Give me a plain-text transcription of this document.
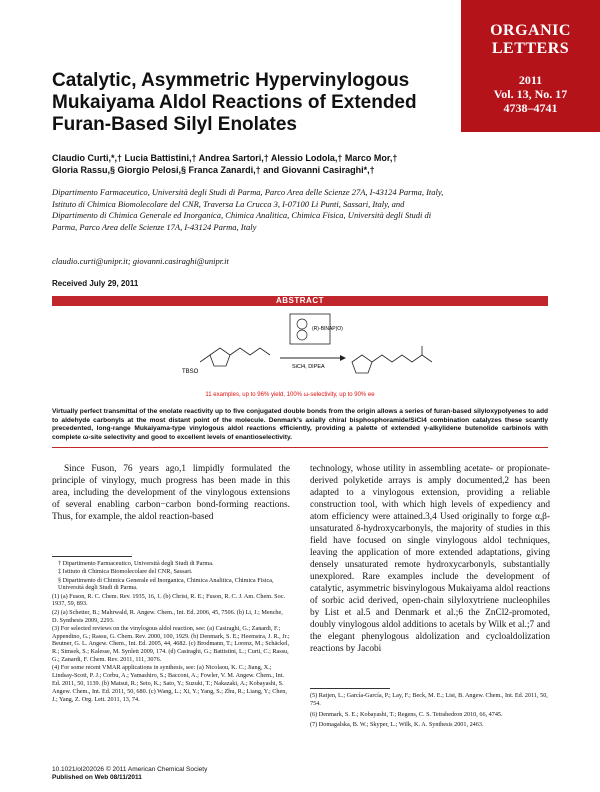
ORGANIC
LETTERS
2011
Vol. 13, No. 17
4738–4741
Catalytic, Asymmetric Hypervinylogous Mukaiyama Aldol Reactions of Extended Furan-Based Silyl Enolates
Claudio Curti,*,† Lucia Battistini,† Andrea Sartori,† Alessio Lodola,† Marco Mor,†
Gloria Rassu,§ Giorgio Pelosi,§ Franca Zanardi,† and Giovanni Casiraghi*,†
Dipartimento Farmaceutico, Università degli Studi di Parma, Parco Area delle Scienze 27A, I-43124 Parma, Italy, Istituto di Chimica Biomolecolare del CNR, Traversa La Crucca 3, I-07100 Li Punti, Sassari, Italy, and Dipartimento di Chimica Generale ed Inorganica, Chimica Analitica, Chimica Fisica, Università degli Studi di Parma, Parco Area delle Scienze 17A, I-43124 Parma, Italy
claudio.curti@unipr.it; giovanni.casiraghi@unipr.it
Received July 29, 2011
ABSTRACT
TBSO
(R)-BINAP(O)
SiCl4, DIPEA
11 examples, up to 96% yield, 100% ω-selectivity, up to 90% ee
Virtually perfect transmittal of the enolate reactivity up to five conjugated double bonds from the origin allows a series of furan-based silyloxypolyenes to add to aldehyde carbonyls at the most distant point of the molecule. Denmark’s axially chiral bisphosphoramide/SiCl4 combination catalyzes these scantly precedented, long-range Mukaiyama-type vinylogous aldol reactions efficiently, providing a palette of extended γ-alkylidene butenolide carbinols with complete ω-site selectivity and good to excellent levels of enantioselectivity.
Since Fuson, 76 years ago,1 limpidly formulated the principle of vinylogy, much progress has been made in this area, including the development of the vinylogous extensions of several enabling carbon−carbon bond-forming reactions. Thus, for example, the aldol reaction-based
technology, whose utility in assembling acetate- or propionate-derived polyketide arrays is amply documented,2 has been adapted to a vinylogous extension, providing a reliable construction tool, with which high levels of expediency and atom efficiency were attained.3,4 Used originally to forge α,β-unsaturated δ-hydroxycarbonyls, the majority of studies in this field have focused on single vinylogous aldol techniques, leaving the application of more extended adaptations, giving densely unsaturated remote hydroxycarbonyls, substantially unexplored. Rare examples include the development of catalytic, asymmetric bisvinylogous Mukaiyama aldol reactions of sorbic acid derived, open-chain silyloxytriene nucleophiles by List et al.5 and Denmark et al.;6 the ZnCl2-promoted, doubly vinylogous aldol additions to acetals by Wilk et al.;7 and the elegant phenylogous aldolization and cycloaldolization reactions by Jacobi

† Dipartimento Farmaceutico, Università degli Studi di Parma.

‡ Istituto di Chimica Biomolecolare del CNR, Sassari.

§ Dipartimento di Chimica Generale ed Inorganica, Chimica Analitica, Chimica Fisica, Università degli Studi di Parma.

(1) (a) Fuson, R. C. Chem. Rev. 1935, 16, 1. (b) Christ, R. E.; Fuson, R. C. J. Am. Chem. Soc. 1937, 59, 893.

(2) (a) Schetter, B.; Mahrwald, R. Angew. Chem., Int. Ed. 2006, 45, 7506. (b) Li, J.; Menche, D. Synthesis 2009, 2293.

(3) For selected reviews on the vinylogous aldol reaction, see: (a) Casiraghi, G.; Zanardi, F.; Appendino, G.; Rassu, G. Chem. Rev. 2000, 100, 1929. (b) Denmark, S. E.; Heemstra, J. R., Jr.; Beutner, G. L. Angew. Chem., Int. Ed. 2005, 44, 4682. (c) Brodmann, T.; Lorenz, M.; Schäckel, R.; Simsek, S.; Kalesse, M. Synlett 2009, 174. (d) Casiraghi, G.; Battistini, L.; Curti, C.; Rassu, G.; Zanardi, F. Chem. Rev. 2011, 111, 3076.

(4) For some recent VMAR applications in synthesis, see: (a) Nicolaou, K. C.; Jiang, X.; Lindsay-Scott, P. J.; Corbu, A.; Yamashiro, S.; Bacconi, A.; Fowler, V. M. Angew. Chem., Int. Ed. 2011, 50, 1139. (b) Matsui, R.; Seto, K.; Sato, Y.; Suzuki, T.; Nakazaki, A.; Kobayashi, S. Angew. Chem., Int. Ed. 2011, 50, 680. (c) Wang, L.; Xi, Y.; Yang, S.; Zhu, R.; Liang, Y.; Chen, J.; Yang, Z. Org. Lett. 2011, 13, 74.

(5) Ratjen, L.; García-García, P.; Lay, F.; Beck, M. E.; List, B. Angew. Chem., Int. Ed. 2011, 50, 754.

(6) Denmark, S. E.; Kobayashi, T.; Regens, C. S. Tetrahedron 2010, 66, 4745.

(7) Domagalska, B. W.; Skyper, L.; Wilk, K. A. Synthesis 2001, 2463.

10.1021/ol202026 © 2011 American Chemical Society
Published on Web 08/11/2011
